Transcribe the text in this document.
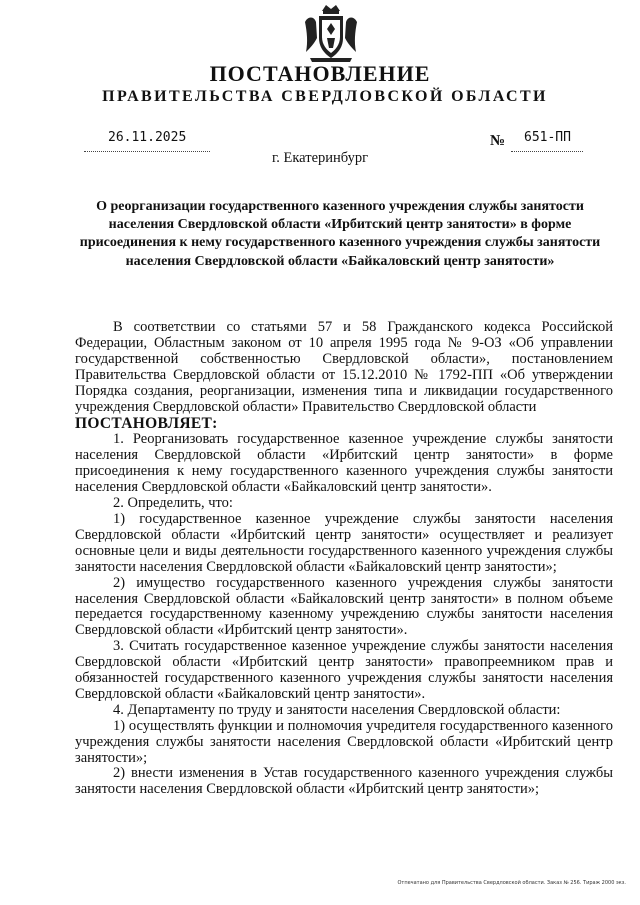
ПОСТАНОВЛЕНИЕ
ПРАВИТЕЛЬСТВА СВЕРДЛОВСКОЙ ОБЛАСТИ
26.11.2025	№ 651-ПП
г. Екатеринбург
О реорганизации государственного казенного учреждения службы занятости населения Свердловской области «Ирбитский центр занятости» в форме присоединения к нему государственного казенного учреждения службы занятости населения Свердловской области «Байкаловский центр занятости»

В соответствии со статьями 57 и 58 Гражданского кодекса Российской Федерации, Областным законом от 10 апреля 1995 года № 9-ОЗ «Об управлении государственной собственностью Свердловской области», постановлением Правительства Свердловской области от 15.12.2010 № 1792-ПП «Об утверждении Порядка создания, реорганизации, изменения типа и ликвидации государственного учреждения Свердловской области» Правительство Свердловской области

ПОСТАНОВЛЯЕТ:

1. Реорганизовать государственное казенное учреждение службы занятости населения Свердловской области «Ирбитский центр занятости» в форме присоединения к нему государственного казенного учреждения службы занятости населения Свердловской области «Байкаловский центр занятости».

2. Определить, что:

1) государственное казенное учреждение службы занятости населения Свердловской области «Ирбитский центр занятости» осуществляет и реализует основные цели и виды деятельности государственного казенного учреждения службы занятости населения Свердловской области «Байкаловский центр занятости»;

2) имущество государственного казенного учреждения службы занятости населения Свердловской области «Байкаловский центр занятости» в полном объеме передается государственному казенному учреждению службы занятости населения Свердловской области «Ирбитский центр занятости».

3. Считать государственное казенное учреждение службы занятости населения Свердловской области «Ирбитский центр занятости» правопреемником прав и обязанностей государственного казенного учреждения службы занятости населения Свердловской области «Байкаловский центр занятости».

4. Департаменту по труду и занятости населения Свердловской области:

1) осуществлять функции и полномочия учредителя государственного казенного учреждения службы занятости населения Свердловской области «Ирбитский центр занятости»;

2) внести изменения в Устав государственного казенного учреждения службы занятости населения Свердловской области «Ирбитский центр занятости»;

Отпечатано для Правительства Свердловской области. Заказ № 256. Тираж 2000 экз.
